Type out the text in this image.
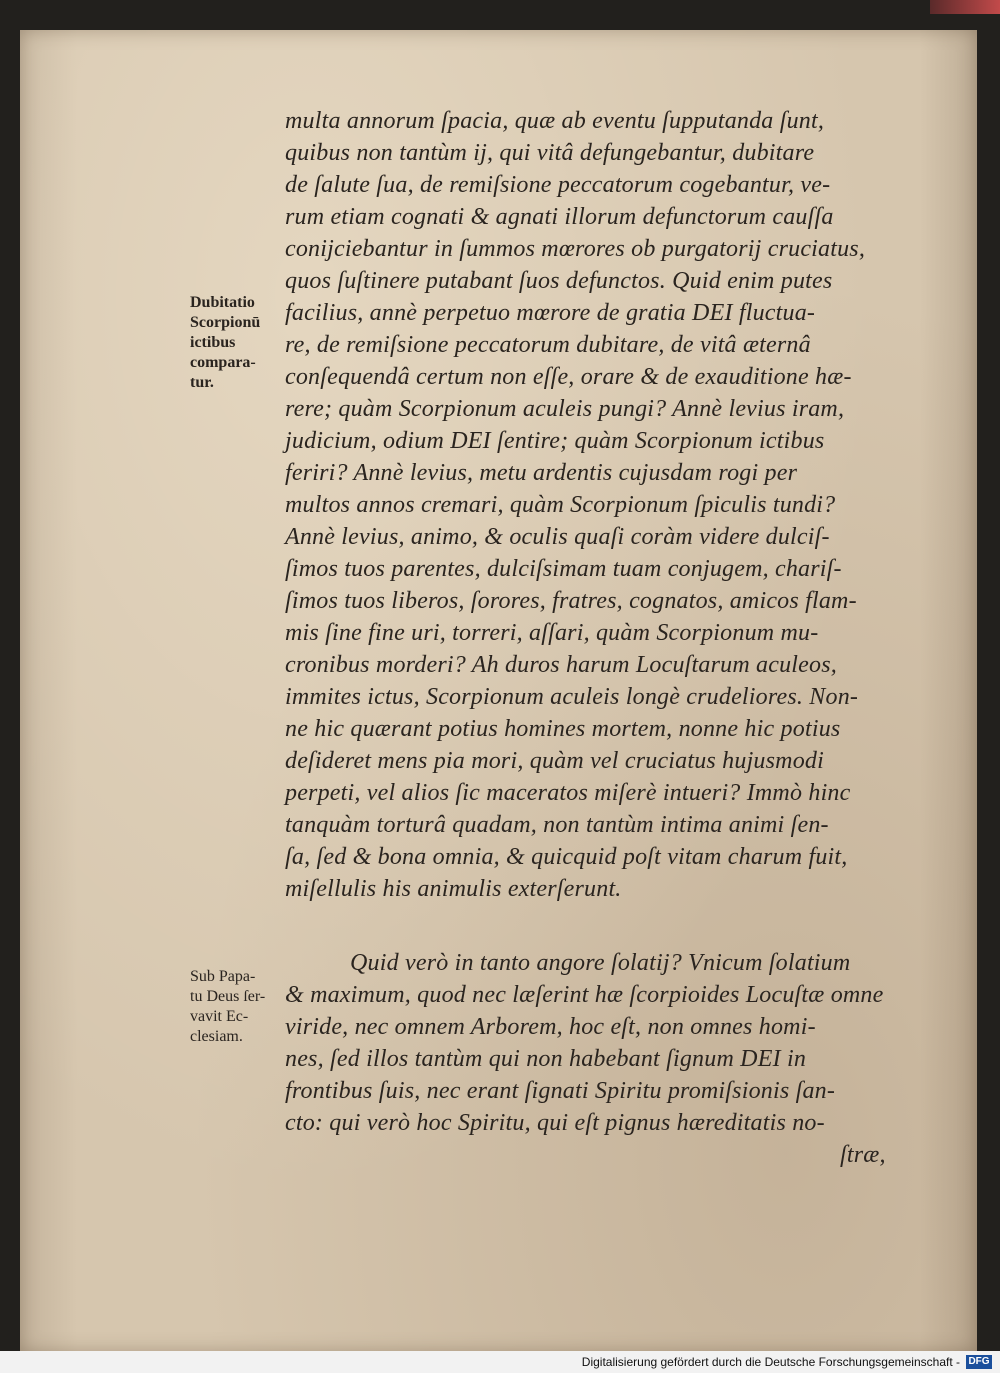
multa annorum ſpacia, quæ ab eventu ſupputanda ſunt,
quibus non tantùm ij, qui vitâ defungebantur, dubitare
de ſalute ſua, de remiſsione peccatorum cogebantur, ve-
rum etiam cognati & agnati illorum defunctorum cauſſa
conijciebantur in ſummos mœrores ob purgatorij cruciatus,
quos ſuſtinere putabant ſuos defunctos. Quid enim putes
facilius, annè perpetuo mœrore de gratia DEI fluctua-
re, de remiſsione peccatorum dubitare, de vitâ æternâ
conſequendâ certum non eſſe, orare & de exauditione hæ-
rere; quàm Scorpionum aculeis pungi? Annè levius iram,
judicium, odium DEI ſentire; quàm Scorpionum ictibus
feriri? Annè levius, metu ardentis cujusdam rogi per
multos annos cremari, quàm Scorpionum ſpiculis tundi?
Annè levius, animo, & oculis quaſi coràm videre dulciſ-
ſimos tuos parentes, dulciſsimam tuam conjugem, chariſ-
ſimos tuos liberos, ſorores, fratres, cognatos, amicos flam-
mis ſine fine uri, torreri, aſſari, quàm Scorpionum mu-
cronibus morderi? Ah duros harum Locuſtarum aculeos,
immites ictus, Scorpionum aculeis longè crudeliores. Non-
ne hic quærant potius homines mortem, nonne hic potius
deſideret mens pia mori, quàm vel cruciatus hujusmodi
perpeti, vel alios ſic maceratos miſerè intueri? Immò hinc
tanquàm torturâ quadam, non tantùm intima animi ſen-
ſa, ſed & bona omnia, & quicquid poſt vitam charum fuit,
miſellulis his animulis exterſerunt.
Quid verò in tanto angore ſolatij? Vnicum ſolatium
& maximum, quod nec læſerint hæ ſcorpioides Locuſtæ omne
viride, nec omnem Arborem, hoc eſt, non omnes homi-
nes, ſed illos tantùm qui non habebant ſignum DEI in
frontibus ſuis, nec erant ſignati Spiritu promiſsionis ſan-
cto: qui verò hoc Spiritu, qui eſt pignus hæreditatis no-
ſtræ,
Dubitatio
Scorpionū
ictibus
compara-
tur.
Sub Papa-
tu Deus ſer-
vavit Ec-
clesiam.
Digitalisierung gefördert durch die Deutsche Forschungsgemeinschaft - DFG
